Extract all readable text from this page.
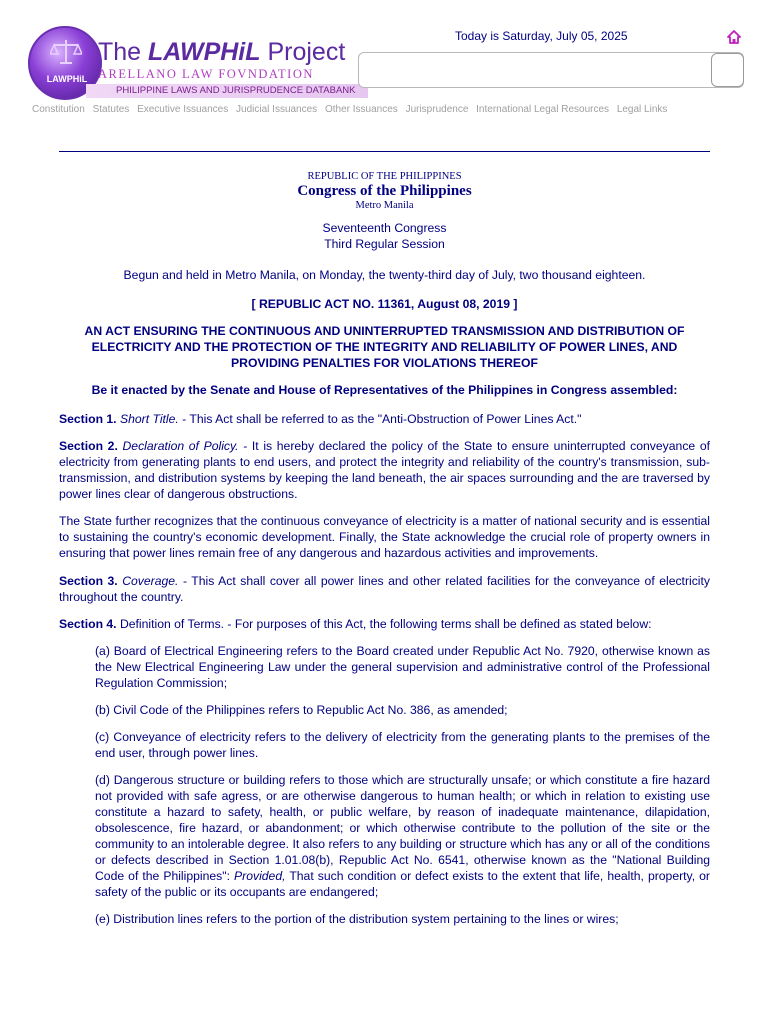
LAWPHiL
The LAWPHiL Project
ARELLANO LAW FOVNDATION
PHILIPPINE LAWS AND JURISPRUDENCE DATABANK
Today is Saturday, July 05, 2025
Constitution Statutes Executive Issuances Judicial Issuances Other Issuances Jurisprudence International Legal Resources Legal Links
REPUBLIC OF THE PHILIPPINES
Congress of the Philippines
Metro Manila
Seventeenth Congress
Third Regular Session

Begun and held in Metro Manila, on Monday, the twenty-third day of July, two thousand eighteen.

[ REPUBLIC ACT NO. 11361, August 08, 2019 ]

AN ACT ENSURING THE CONTINUOUS AND UNINTERRUPTED TRANSMISSION AND DISTRIBUTION OF ELECTRICITY AND THE PROTECTION OF THE INTEGRITY AND RELIABILITY OF POWER LINES, AND PROVIDING PENALTIES FOR VIOLATIONS THEREOF

Be it enacted by the Senate and House of Representatives of the Philippines in Congress assembled:

Section 1. Short Title. - This Act shall be referred to as the "Anti-Obstruction of Power Lines Act."

Section 2. Declaration of Policy. - It is hereby declared the policy of the State to ensure uninterrupted conveyance of electricity from generating plants to end users, and protect the integrity and reliability of the country's transmission, sub-transmission, and distribution systems by keeping the land beneath, the air spaces surrounding and the are traversed by power lines clear of dangerous obstructions.

The State further recognizes that the continuous conveyance of electricity is a matter of national security and is essential to sustaining the country's economic development. Finally, the State acknowledge the crucial role of property owners in ensuring that power lines remain free of any dangerous and hazardous activities and improvements.

Section 3. Coverage. - This Act shall cover all power lines and other related facilities for the conveyance of electricity throughout the country.

Section 4. Definition of Terms. - For purposes of this Act, the following terms shall be defined as stated below:

(a) Board of Electrical Engineering refers to the Board created under Republic Act No. 7920, otherwise known as the New Electrical Engineering Law under the general supervision and administrative control of the Professional Regulation Commission;

(b) Civil Code of the Philippines refers to Republic Act No. 386, as amended;

(c) Conveyance of electricity refers to the delivery of electricity from the generating plants to the premises of the end user, through power lines.

(d) Dangerous structure or building refers to those which are structurally unsafe; or which constitute a fire hazard not provided with safe agress, or are otherwise dangerous to human health; or which in relation to existing use constitute a hazard to safety, health, or public welfare, by reason of inadequate maintenance, dilapidation, obsolescence, fire hazard, or abandonment; or which otherwise contribute to the pollution of the site or the community to an intolerable degree. It also refers to any building or structure which has any or all of the conditions or defects described in Section 1.01.08(b), Republic Act No. 6541, otherwise known as the "National Building Code of the Philippines": Provided, That such condition or defect exists to the extent that life, health, property, or safety of the public or its occupants are endangered;

(e) Distribution lines refers to the portion of the distribution system pertaining to the lines or wires;
